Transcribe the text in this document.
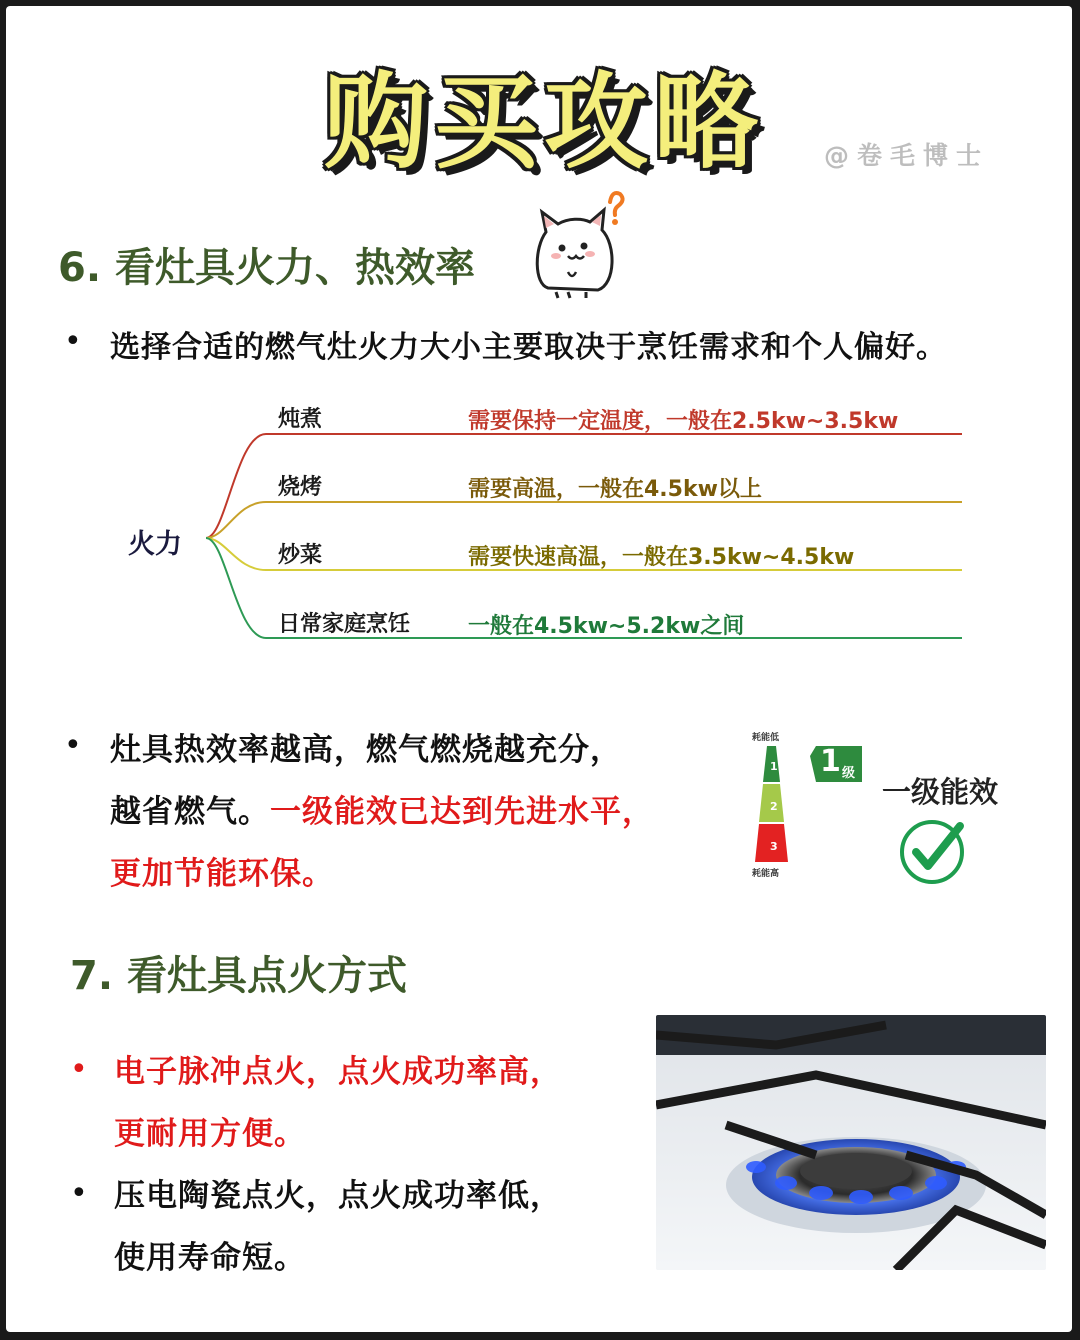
购买攻略	@卷毛博士
6. 看灶具火力、热效率
• 选择合适的燃气灶火力大小主要取决于烹饪需求和个人偏好。
火力
炖煮	需要保持一定温度，一般在2.5kw~3.5kw
烧烤	需要高温，一般在4.5kw以上
炒菜	需要快速高温，一般在3.5kw~4.5kw
日常家庭烹饪	一般在4.5kw~5.2kw之间
• 灶具热效率越高，燃气燃烧越充分，
越省燃气。一级能效已达到先进水平，
更加节能环保。
耗能低
1
2
3
1 级
耗能高
一级能效
7. 看灶具点火方式
• 电子脉冲点火，点火成功率高，
更耐用方便。
• 压电陶瓷点火，点火成功率低，
使用寿命短。
